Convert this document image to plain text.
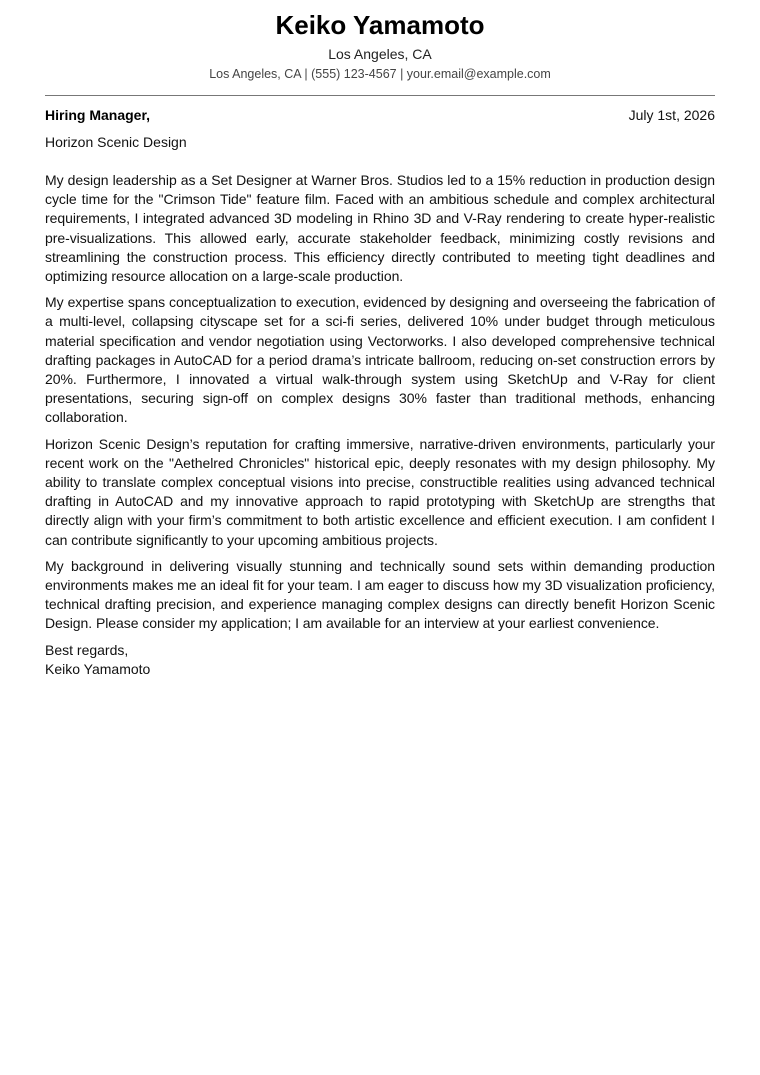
Keiko Yamamoto
Los Angeles, CA
Los Angeles, CA | (555) 123-4567 | your.email@example.com
Hiring Manager,	July 1st, 2026
Horizon Scenic Design

My design leadership as a Set Designer at Warner Bros. Studios led to a 15% reduction in production design cycle time for the "Crimson Tide" feature film. Faced with an ambitious schedule and complex architectural requirements, I integrated advanced 3D modeling in Rhino 3D and V-Ray rendering to create hyper-realistic pre-visualizations. This allowed early, accurate stakeholder feedback, minimizing costly revisions and streamlining the construction process. This efficiency directly contributed to meeting tight deadlines and optimizing resource allocation on a large-scale production.

My expertise spans conceptualization to execution, evidenced by designing and overseeing the fabrication of a multi-level, collapsing cityscape set for a sci-fi series, delivered 10% under budget through meticulous material specification and vendor negotiation using Vectorworks. I also developed comprehensive technical drafting packages in AutoCAD for a period drama’s intricate ballroom, reducing on-set construction errors by 20%. Furthermore, I innovated a virtual walk-through system using SketchUp and V-Ray for client presentations, securing sign-off on complex designs 30% faster than traditional methods, enhancing collaboration.

Horizon Scenic Design’s reputation for crafting immersive, narrative-driven environments, particularly your recent work on the "Aethelred Chronicles" historical epic, deeply resonates with my design philosophy. My ability to translate complex conceptual visions into precise, constructible realities using advanced technical drafting in AutoCAD and my innovative approach to rapid prototyping with SketchUp are strengths that directly align with your firm’s commitment to both artistic excellence and efficient execution. I am confident I can contribute significantly to your upcoming ambitious projects.

My background in delivering visually stunning and technically sound sets within demanding production environments makes me an ideal fit for your team. I am eager to discuss how my 3D visualization proficiency, technical drafting precision, and experience managing complex designs can directly benefit Horizon Scenic Design. Please consider my application; I am available for an interview at your earliest convenience.

Best regards,
Keiko Yamamoto
